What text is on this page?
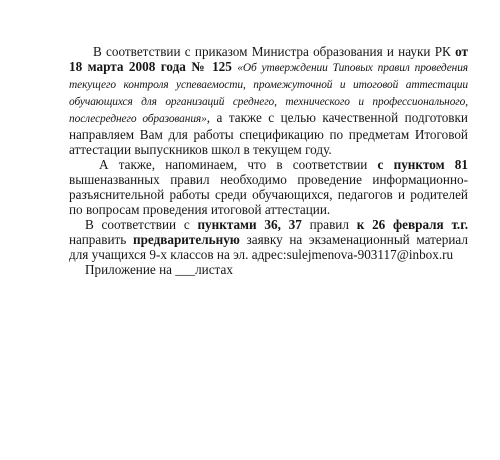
В соответствии с приказом Министра образования и науки РК от 18 марта 2008 года № 125 «Об утверждении Типовых правил проведения текущего контроля успеваемости, промежуточной и итоговой аттестации обучающихся для организаций среднего, технического и профессионального, послесреднего образования», а также с целью качественной подготовки направляем Вам для работы спецификацию по предметам Итоговой аттестации выпускников школ в текущем году.

А также, напоминаем, что в соответствии с пунктом 81 вышеназванных правил необходимо проведение информационно-разъяснительной работы среди обучающихся, педагогов и родителей по вопросам проведения итоговой аттестации.

В соответствии с пунктами 36, 37 правил к 26 февраля т.г. направить предварительную заявку на экзаменационный материал для учащихся 9-х классов на эл. адрес:sulejmenova-903117@inbox.ru

Приложение на ___листах
